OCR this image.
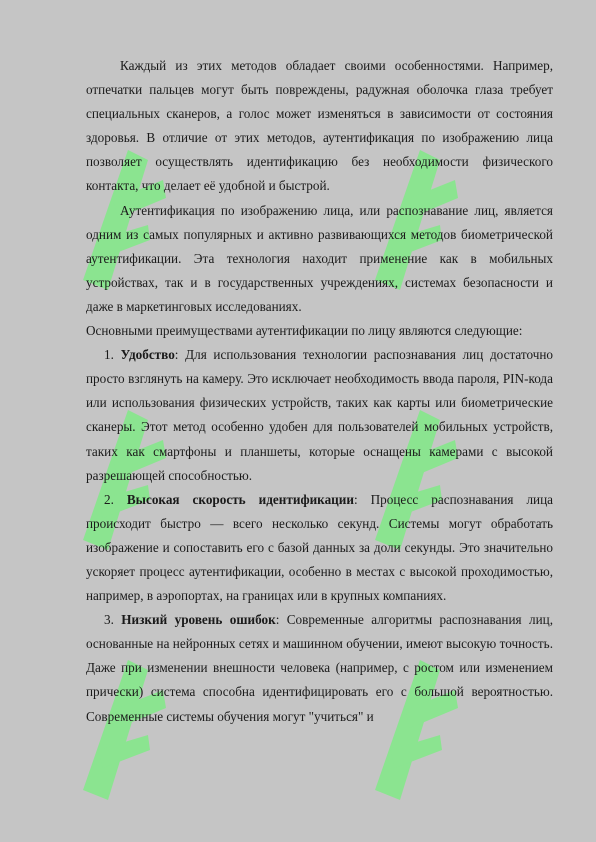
Каждый из этих методов обладает своими особенностями. Например, отпечатки пальцев могут быть повреждены, радужная оболочка глаза требует специальных сканеров, а голос может изменяться в зависимости от состояния здоровья. В отличие от этих методов, аутентификация по изображению лица позволяет осуществлять идентификацию без необходимости физического контакта, что делает её удобной и быстрой.

Аутентификация по изображению лица, или распознавание лиц, является одним из самых популярных и активно развивающихся методов биометрической аутентификации. Эта технология находит применение как в мобильных устройствах, так и в государственных учреждениях, системах безопасности и даже в маркетинговых исследованиях.

Основными преимуществами аутентификации по лицу являются следующие:

1. Удобство: Для использования технологии распознавания лиц достаточно просто взглянуть на камеру. Это исключает необходимость ввода пароля, PIN-кода или использования физических устройств, таких как карты или биометрические сканеры. Этот метод особенно удобен для пользователей мобильных устройств, таких как смартфоны и планшеты, которые оснащены камерами с высокой разрешающей способностью.

2. Высокая скорость идентификации: Процесс распознавания лица происходит быстро — всего несколько секунд. Системы могут обработать изображение и сопоставить его с базой данных за доли секунды. Это значительно ускоряет процесс аутентификации, особенно в местах с высокой проходимостью, например, в аэропортах, на границах или в крупных компаниях.

3. Низкий уровень ошибок: Современные алгоритмы распознавания лиц, основанные на нейронных сетях и машинном обучении, имеют высокую точность. Даже при изменении внешности человека (например, с ростом или изменением прически) система способна идентифицировать его с большой вероятностью. Современные системы обучения могут "учиться" и
